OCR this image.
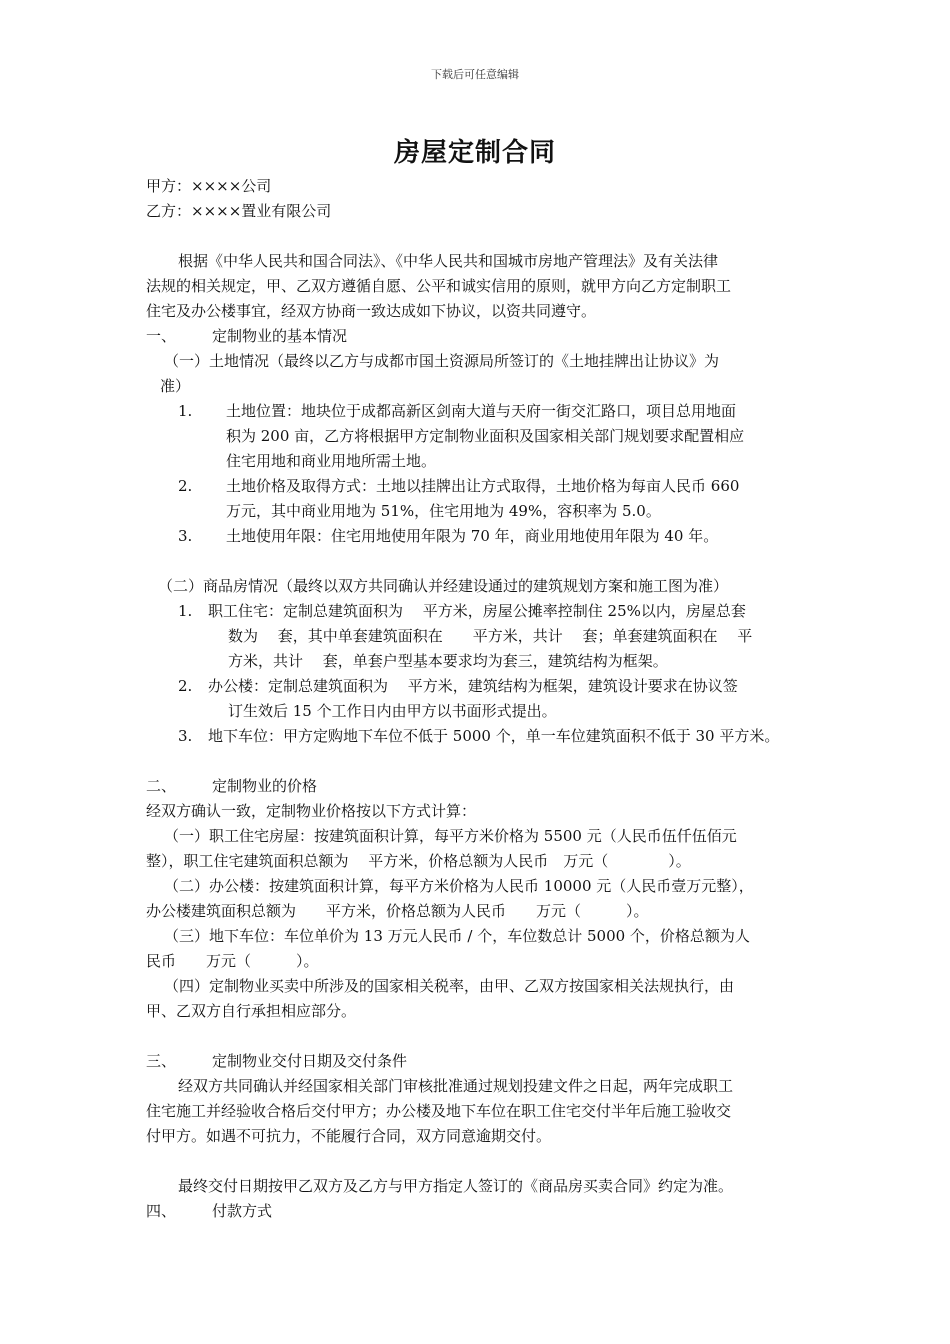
下载后可任意编辑
房屋定制合同
甲方：××××公司
乙方：××××置业有限公司
根据《中华人民共和国合同法》、《中华人民共和国城市房地产管理法》及有关法律
法规的相关规定，甲、乙双方遵循自愿、公平和诚实信用的原则，就甲方向乙方定制职工
住宅及办公楼事宜，经双方协商一致达成如下协议，以资共同遵守。
一、 定制物业的基本情况
（一）土地情况（最终以乙方与成都市国土资源局所签订的《土地挂牌出让协议》为
准）
1. 土地位置：地块位于成都高新区剑南大道与天府一街交汇路口，项目总用地面
积为 200 亩，乙方将根据甲方定制物业面积及国家相关部门规划要求配置相应
住宅用地和商业用地所需土地。
2. 土地价格及取得方式：土地以挂牌出让方式取得，土地价格为每亩人民币 660
万元，其中商业用地为 51%，住宅用地为 49%，容积率为 5.0。
3. 土地使用年限：住宅用地使用年限为 70 年，商业用地使用年限为 40 年。
（二）商品房情况（最终以双方共同确认并经建设通过的建筑规划方案和施工图为准）
1. 职工住宅：定制总建筑面积为　 平方米，房屋公摊率控制住 25%以内，房屋总套
数为　 套，其中单套建筑面积在　　平方米，共计　 套；单套建筑面积在　 平
方米，共计　 套，单套户型基本要求均为套三，建筑结构为框架。
2. 办公楼：定制总建筑面积为　 平方米，建筑结构为框架，建筑设计要求在协议签
订生效后 15 个工作日内由甲方以书面形式提出。
3. 地下车位：甲方定购地下车位不低于 5000 个，单一车位建筑面积不低于 30 平方米。
二、 定制物业的价格
经双方确认一致，定制物业价格按以下方式计算：
（一）职工住宅房屋：按建筑面积计算，每平方米价格为 5500 元（人民币伍仟伍佰元
整），职工住宅建筑面积总额为　 平方米，价格总额为人民币　万元（　　　　）。
（二）办公楼：按建筑面积计算，每平方米价格为人民币 10000 元（人民币壹万元整），
办公楼建筑面积总额为　　平方米，价格总额为人民币　　万元（　　　）。
（三）地下车位：车位单价为 13 万元人民币 / 个，车位数总计 5000 个，价格总额为人
民币　　万元（　　　）。
（四）定制物业买卖中所涉及的国家相关税率，由甲、乙双方按国家相关法规执行，由
甲、乙双方自行承担相应部分。
三、 定制物业交付日期及交付条件
经双方共同确认并经国家相关部门审核批准通过规划投建文件之日起，两年完成职工
住宅施工并经验收合格后交付甲方；办公楼及地下车位在职工住宅交付半年后施工验收交
付甲方。如遇不可抗力，不能履行合同，双方同意逾期交付。
最终交付日期按甲乙双方及乙方与甲方指定人签订的《商品房买卖合同》约定为准。
四、 付款方式
